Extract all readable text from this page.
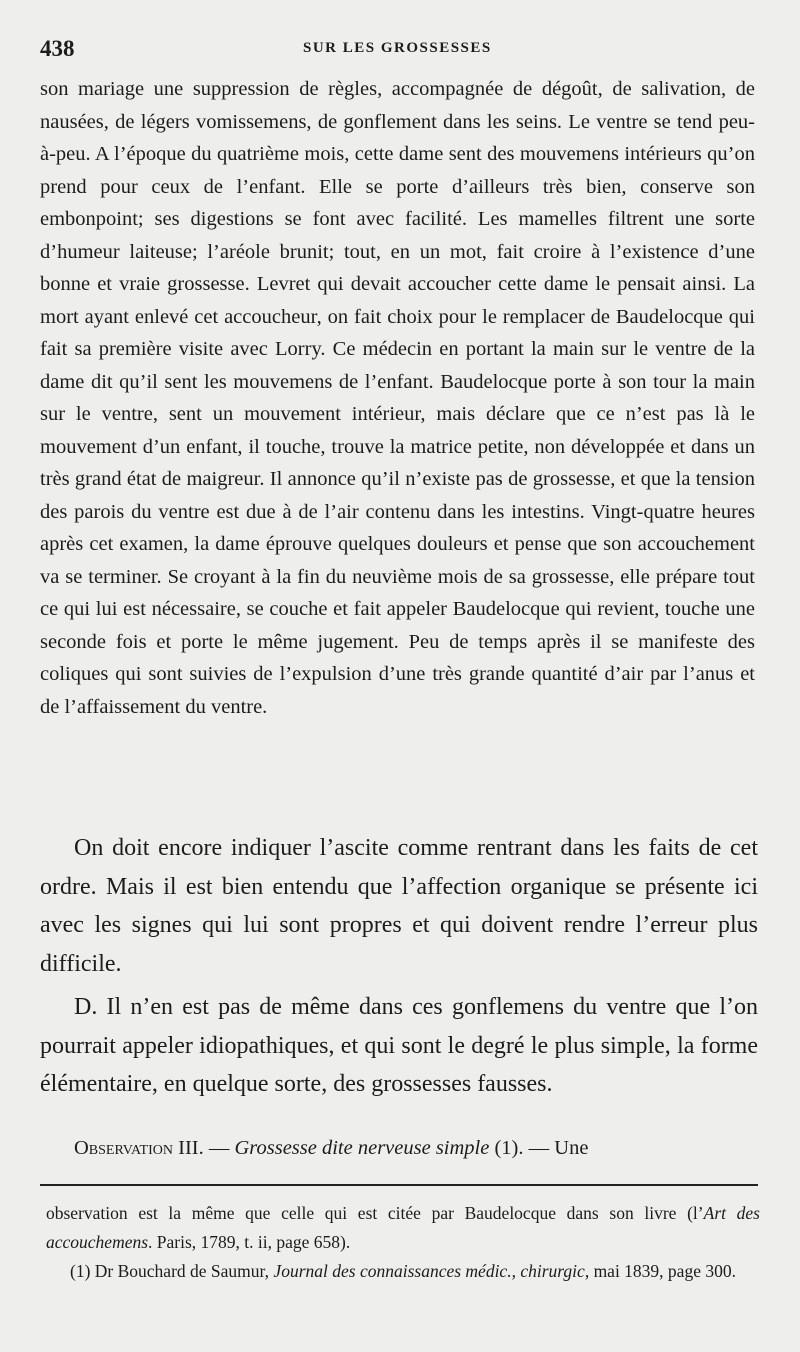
438	SUR LES GROSSESSES

son mariage une suppression de règles, accompagnée de dégoût, de salivation, de nausées, de légers vomissemens, de gonflement dans les seins. Le ventre se tend peu-à-peu. A l’époque du quatrième mois, cette dame sent des mouvemens intérieurs qu’on prend pour ceux de l’enfant. Elle se porte d’ailleurs très bien, conserve son embonpoint; ses digestions se font avec facilité. Les mamelles filtrent une sorte d’humeur laiteuse; l’aréole brunit; tout, en un mot, fait croire à l’existence d’une bonne et vraie grossesse. Levret qui devait accoucher cette dame le pensait ainsi. La mort ayant enlevé cet accoucheur, on fait choix pour le remplacer de Baudelocque qui fait sa première visite avec Lorry. Ce médecin en portant la main sur le ventre de la dame dit qu’il sent les mouvemens de l’enfant. Baudelocque porte à son tour la main sur le ventre, sent un mouvement intérieur, mais déclare que ce n’est pas là le mouvement d’un enfant, il touche, trouve la matrice petite, non développée et dans un très grand état de maigreur. Il annonce qu’il n’existe pas de grossesse, et que la tension des parois du ventre est due à de l’air contenu dans les intestins. Vingt-quatre heures après cet examen, la dame éprouve quelques douleurs et pense que son accouchement va se terminer. Se croyant à la fin du neuvième mois de sa grossesse, elle prépare tout ce qui lui est nécessaire, se couche et fait appeler Baudelocque qui revient, touche une seconde fois et porte le même jugement. Peu de temps après il se manifeste des coliques qui sont suivies de l’expulsion d’une très grande quantité d’air par l’anus et de l’affaissement du ventre.

On doit encore indiquer l’ascite comme rentrant dans les faits de cet ordre. Mais il est bien entendu que l’affection organique se présente ici avec les signes qui lui sont propres et qui doivent rendre l’erreur plus difficile.

D. Il n’en est pas de même dans ces gonflemens du ventre que l’on pourrait appeler idiopathiques, et qui sont le degré le plus simple, la forme élémentaire, en quelque sorte, des grossesses fausses.

Observation III. — Grossesse dite nerveuse simple (1). — Une

observation est la même que celle qui est citée par Baudelocque dans son livre (l’Art des accouchemens. Paris, 1789, t. ii, page 658).

(1) Dr Bouchard de Saumur, Journal des connaissances médic., chirurgic, mai 1839, page 300.
